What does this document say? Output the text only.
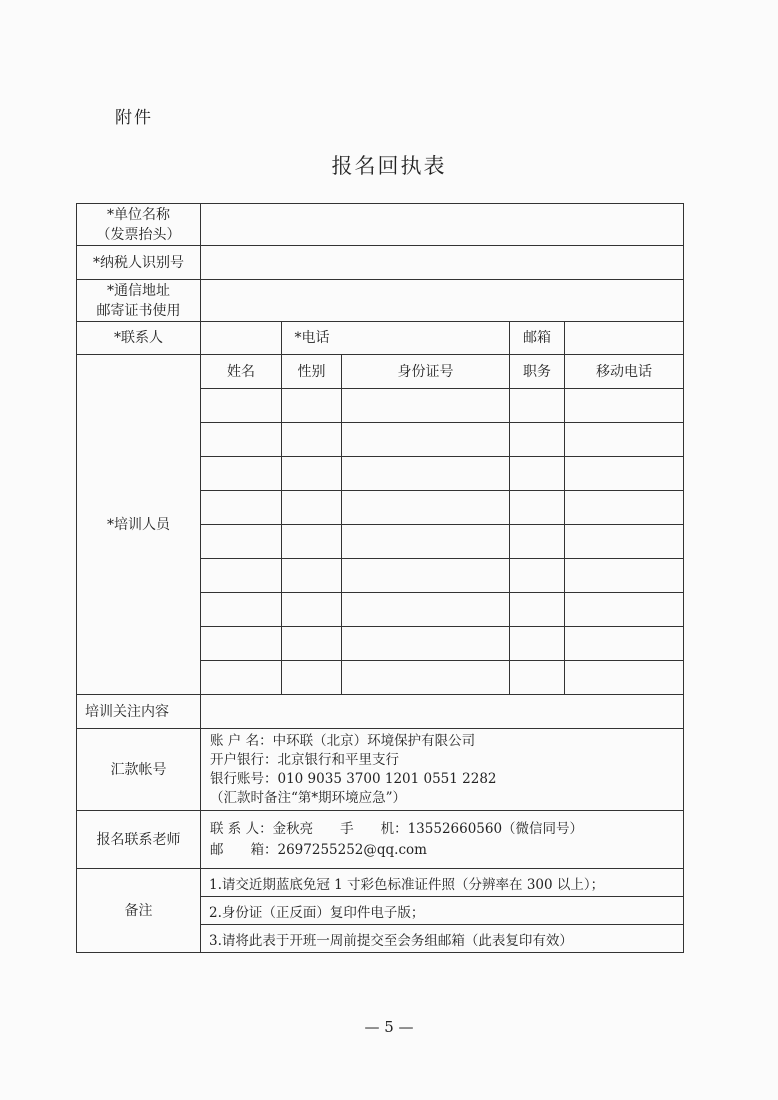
附件
报名回执表
*单位名称
（发票抬头）					

*纳税人识别号					

*通信地址
邮寄证书使用					

*联系人		*电话		邮箱	
*培训人员	姓名	性别	身份证号	职务	移动电话

培训关注内容					
汇款帐号	账 户 名：中环联（北京）环境保护有限公司
开户银行：北京银行和平里支行
银行账号：010 9035 3700 1201 0551 2282
（汇款时备注“第*期环境应急”）				

报名联系老师	联 系 人：金秋亮　　手　　机：13552660560（微信同号）
邮　　箱：2697255252@qq.com				

备注	1.请交近期蓝底免冠 1 寸彩色标准证件照（分辨率在 300 以上）；				
	2.身份证（正反面）复印件电子版；				
	3.请将此表于开班一周前提交至会务组邮箱（此表复印有效）				
— 5 —
